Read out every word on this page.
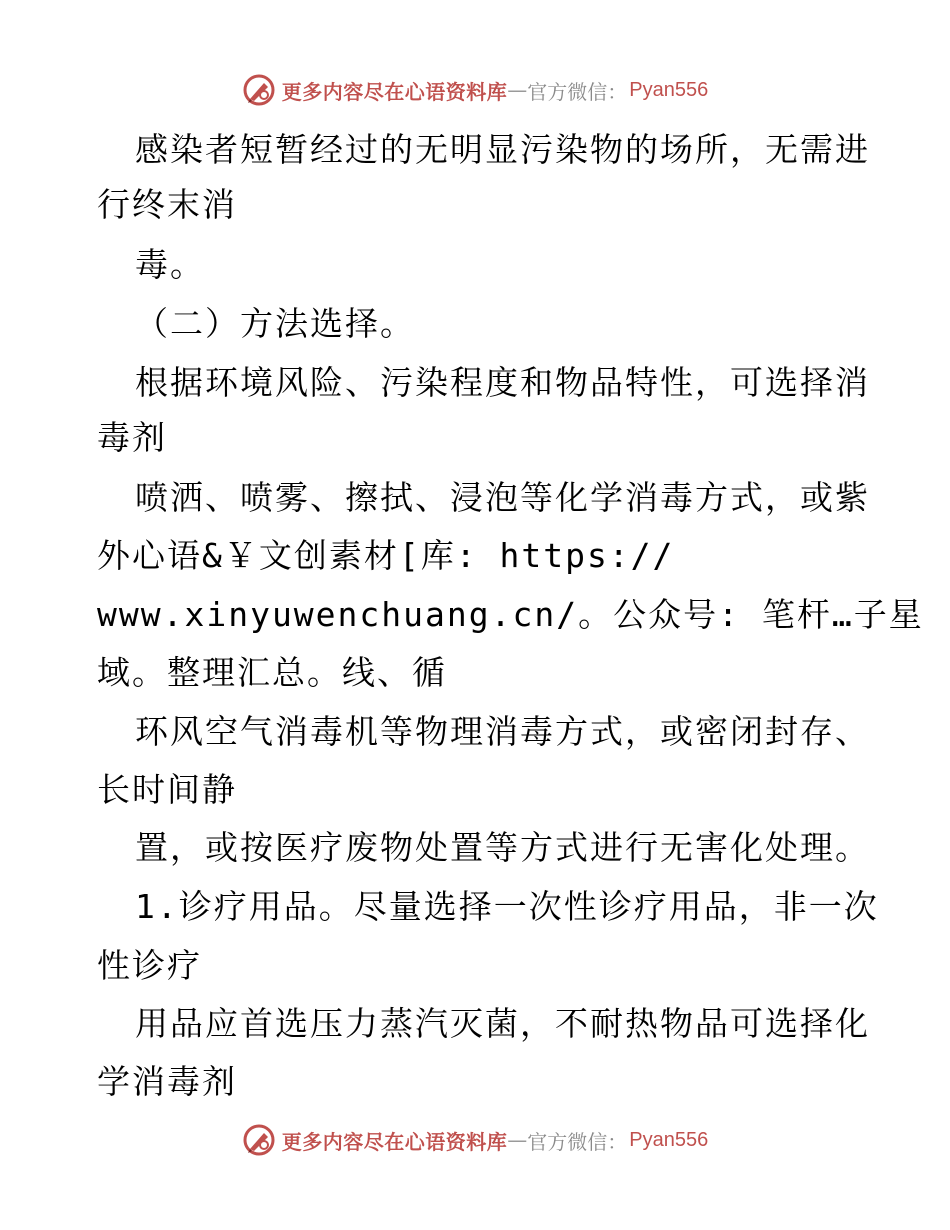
更多内容尽在心语资料库 — 官方微信： Pyan556
感染者短暂经过的无明显污染物的场所，无需进
行终末消
毒。
（二）方法选择。
根据环境风险、污染程度和物品特性，可选择消
毒剂
喷洒、喷雾、擦拭、浸泡等化学消毒方式，或紫
外心语&￥文创素材[库: https://
www.xinyuwenchuang.cn/。公众号: 笔杆…子星
域。整理汇总。线、循
环风空气消毒机等物理消毒方式，或密闭封存、
长时间静
置，或按医疗废物处置等方式进行无害化处理。
1.诊疗用品。尽量选择一次性诊疗用品，非一次
性诊疗
用品应首选压力蒸汽灭菌，不耐热物品可选择化
学消毒剂
更多内容尽在心语资料库 — 官方微信： Pyan556
